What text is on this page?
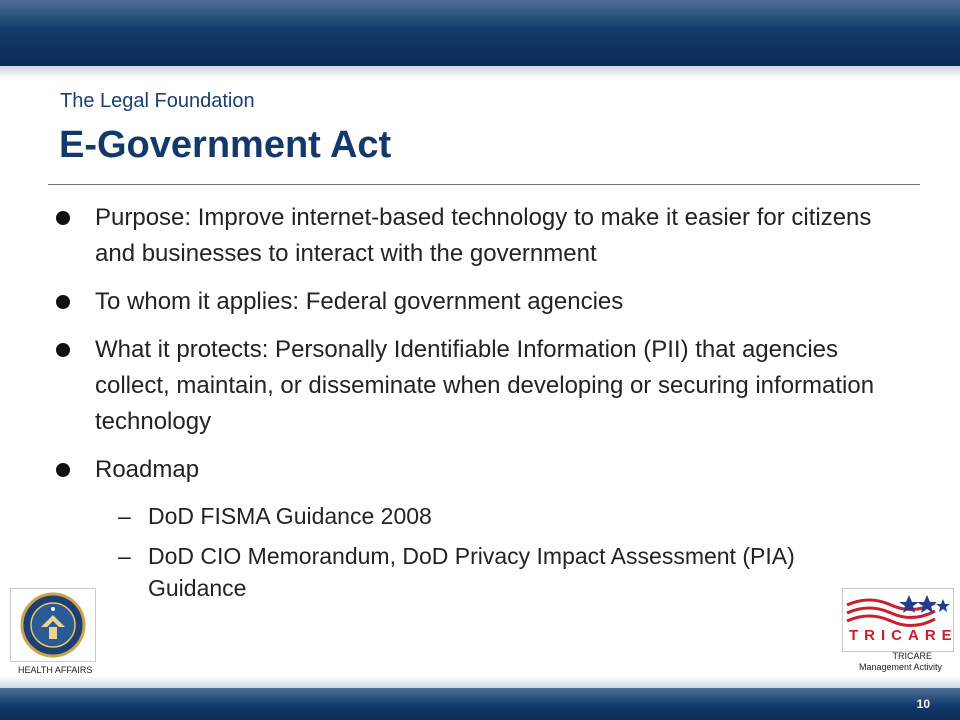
The Legal Foundation
E-Government Act
Purpose: Improve internet-based technology to make it easier for citizens and businesses to interact with the government
To whom it applies: Federal government agencies
What it protects: Personally Identifiable Information (PII) that agencies collect, maintain, or disseminate when developing or securing information technology
Roadmap
– DoD FISMA Guidance 2008
– DoD CIO Memorandum, DoD Privacy Impact Assessment (PIA) Guidance
HEALTH AFFAIRS
TRICARE
TRICARE
Management Activity
10
